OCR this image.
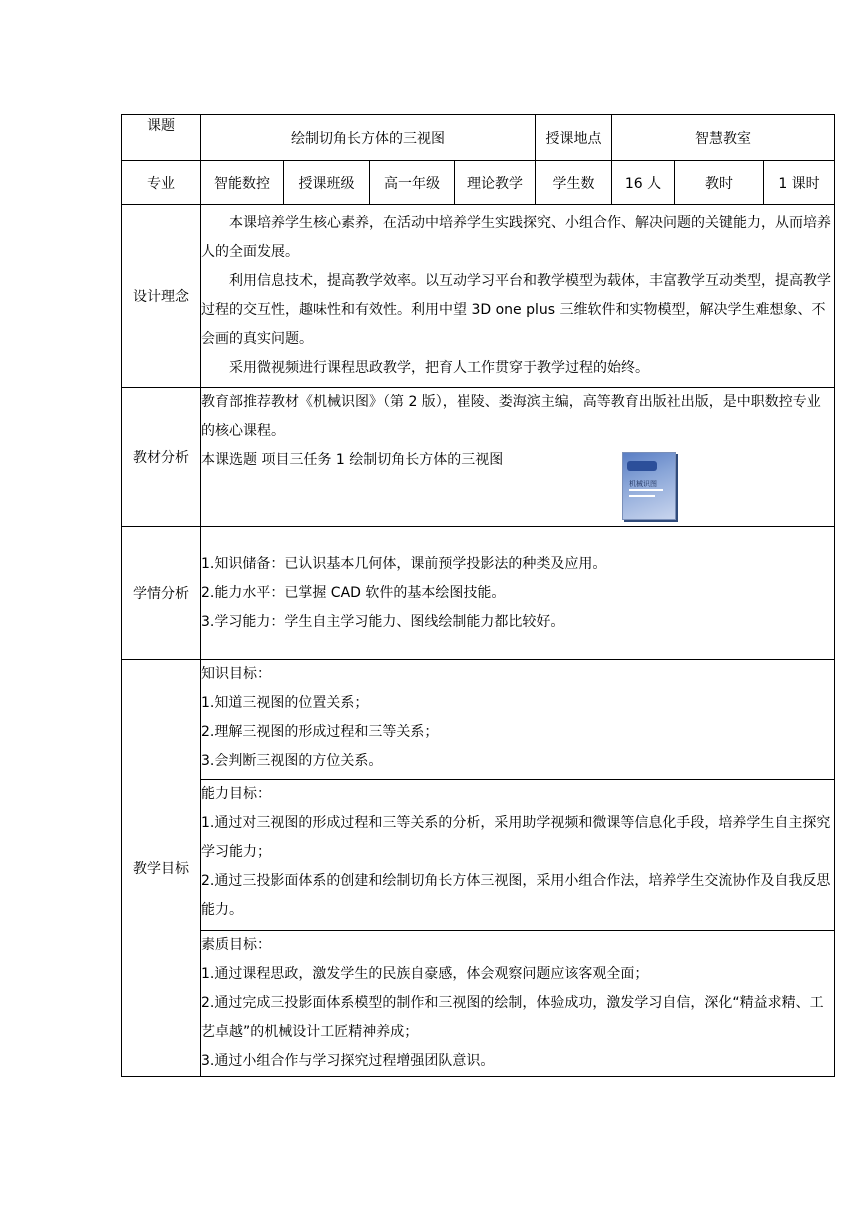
课题	绘制切角长方体的三视图				授课地点	智慧教室		
专业	智能数控	授课班级	高一年级	理论教学	学生数	16 人	教时	1 课时
设计理念	本课培养学生核心素养，在活动中培养学生实践探究、小组合作、解决问题的关键能力，从而培养人的全面发展。

利用信息技术，提高教学效率。以互动学习平台和教学模型为载体，丰富教学互动类型，提高教学过程的交互性，趣味性和有效性。利用中望 3D one plus 三维软件和实物模型，解决学生难想象、不会画的真实问题。

采用微视频进行课程思政教学，把育人工作贯穿于教学过程的始终。							

教材分析	教育部推荐教材《机械识图》（第 2 版），崔陵、娄海滨主编，高等教育出版社出版，是中职数控专业的核心课程。

本课选题 项目三任务 1 绘制切角长方体的三视图							

学情分析	1.知识储备：已认识基本几何体，课前预学投影法的种类及应用。

2.能力水平：已掌握 CAD 软件的基本绘图技能。

3.学习能力：学生自主学习能力、图线绘制能力都比较好。							

教学目标	知识目标：

1.知道三视图的位置关系；

2.理解三视图的形成过程和三等关系；

3.会判断三视图的方位关系。							

	能力目标：

1.通过对三视图的形成过程和三等关系的分析，采用助学视频和微课等信息化手段，培养学生自主探究学习能力；

2.通过三投影面体系的创建和绘制切角长方体三视图，采用小组合作法，培养学生交流协作及自我反思能力。							

	素质目标：

1.通过课程思政，激发学生的民族自豪感，体会观察问题应该客观全面；

2.通过完成三投影面体系模型的制作和三视图的绘制，体验成功，激发学习自信，深化“精益求精、工艺卓越”的机械设计工匠精神养成；

3.通过小组合作与学习探究过程增强团队意识。							

机械识图
